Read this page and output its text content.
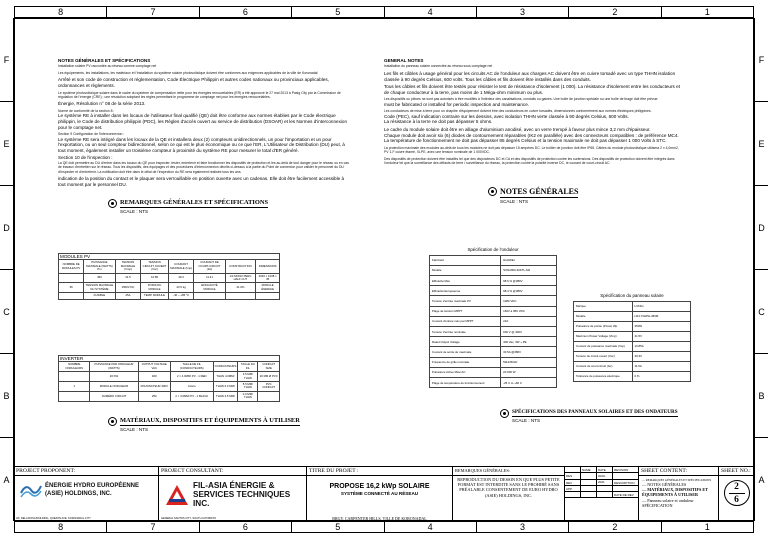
8	7	6	5	4	3	2	1
8	7	6	5	4	3	2	1
F
E
D
C
B
A
F
E
D
C
B
A
NOTES GÉNÉRALES ET SPÉCIFICATIONS
Installation solaire PV raccordée au réseau comme comptage net

Les équipements, les installations, les matériaux et l'installation du système solaire photovoltaïque doivent être conformes aux exigences applicables de la ville de Koronadal.

Arrêté et son code de construction et réglementation, Code Électrique Philippin et autres codes nationaux ou provinciaux applicables, ordonnances et règlements.

Le système photovoltaïque solaire dans le cadre du système de compensation nette pour les énergies renouvelables (ER) a été approuvé le 27 mai 2013 à Pasig City par la Commission de régulation de l'énergie (CRE) ; une résolution adoptant les règles permettant le programme de comptage net pour les énergies renouvelables.

Énergie, Résolution n° 08 de la série 2013.

Norme de conformité de la section 8 :

Le système RE à installer dans les locaux de l'utilisateur final qualifié (QE) doit être conforme aux normes établies par le Code électrique philippin, le Code de distribution philippin (PDC), les Règles d'accès ouvert au service de distribution (DSOAR) et les Normes d'interconnexion pour le comptage net.

Section 9 Configuration de l'interconnexion :

Le système RE sera intégré dans les locaux de la QE et installera deux (2) compteurs unidirectionnels, un pour l'importation et un pour l'exportation, ou un seul compteur bidirectionnel, selon ce qui est le plus économique ou ce que l'ER, L'Utilisateur de Distribution (DU) peut, à tout moment, également installer un troisième compteur à proximité du système RE pour mesurer le total d'ER généré.

Section 10 de l'inspection :

La QE doit permettre au DU d'entrer dans les locaux du QE pour inspecter, tester, entretenir et faire fonctionner les dispositifs de protection et les au-delà de tout danger pour le réseau ou en cas de travaux d'entretien sur le réseau. Tous les dispositifs, des équipages et des procédures d'interconnexion décrits ci-dessus à la partie du Point de connexion pour valider le personnel du DU d'inspecter et d'entretenir. La notification doit être dans le délai de l'inspection du RE sera également réalisée tous les ans.

indication de la position du contact et le plaquer sera verrouillable en position ouverte avec un cadenas. Elle doit être facilement accessible à tout moment par le personnel DU.

GENERAL NOTES
Installation du panneau solaire connectée au réseau sous comptage net

Les fils et câbles à usage général pour les circuits AC de l'onduleur aux charges AC doivent être en cuivre torsadé avec un type THHN isolation classée à 90 degrés Celsius, 600 volts. Tous les câbles et fils doivent être installés dans des conduits.

Tous les câbles et fils doivent être testés pour résister le test de résistance d'isolement (1 000). La résistance d'isolement entre les conducteurs et de chaque conducteur à la terre, pas moins de 1 Méga-ohm minimum ou plus.

Les dispositifs ou pièces ne sont pas autorisés à être modifiés à l'intérieur des canalisations, conduits ou gaines. Une boîte de jonction spéciale ou une boîte de tirage doit être prévue.

must be fabricated or installed for periodic inspection and maintenance.

Les conducteurs de mise à terre pour un chapitre d'équipement doivent être des conducteurs en cuivre torsadés, dimensionnés conformément aux normes électriques philippines.

Code (PEC), sauf indication contraire sur les dessins, avec isolation THHN verte classée à 90 degrés Celsius, 600 Volts.

La résistance à la terre ne doit pas dépasser 5 ohms.

Le cadre du module solaire doit être en alliage d'aluminium anodisé, avec un verre trempé à faveur plus mince 3,2 mm d'épaisseur.

Chaque module doit avoir six (6) diodes de contournement réparables (IK2 en parallèle) avec des connecteurs compatibles : de préférence MC4.

La température de fonctionnement ne doit pas dépasser 85 degrés Celsius et la tension maximale ne doit pas dépasser 1 000 Volts à STC.

La protection maximale des modules au-delà de tous les modules ne doit pas dépasser 15 ampères DC. Le boîtier de jonction doit être IP65. Câbles du module photovoltaïque utilisera 2 x 4,0mm2, PV 1-F cuivre étamé, XLPE, avec une tension nominale de 1 000VDC.

Des dispositifs de protection doivent être installés tel que des disjoncteurs DC et CA et des dispositifs de protection contre les surtensions. Des dispositifs de protection doivent être intégrés dans l'onduleur tel que la surveillance des défauts de terre / surveillance du réseau, la protection contre la polarité inverse DC, le courant de court-circuit AC.

REMARQUES GÉNÉRALES ET SPÉCIFICATIONS
SCALE : NTS
NOTES GÉNÉRALES
SCALE : NTS
MATÉRIAUX, DISPOSITIFS ET ÉQUIPEMENTS À UTILISER
SCALE : NTS
SPÉCIFICATIONS DES PANNEAUX SOLAIRES ET DES ONDATEURS
SCALE : NTS
MODULES PV							
NOMBRE DE MODULES PV	PUISSANCE MAXIMALE (WATTS) Pm	TENSION MAXIMALE (Vmp)	TENSION CIRCUIT OUVERT (Voc)	COURANT MAXIMALE (Imp)	COURANT DE COURT-CIRCUIT (Isc)	CONSTRUCTION	DIMENSIONS
	450	41.5	10.85	49.3	11.41	1/4 MONO PERC HALF CUT	2094 × 1038 × 35
36	TENSION MAXIMALE DU SYSTÈME	1500V DC	POIDS DU MODULE	23.5 kg	EFFICACITÉ MODULE	21.0%	MODULE ÉNERGIE
	FUSIBLE	25A	TEMP. MODULE	-40 ~ +85 °C			
INVERTER						
NOMBRE ONDULEURS	PUISSANCE PAR ONDULEUR (WATTS)	OUTPUT VOLTAGE VAC	TAILLE DE FIL (CONDUCTEURS)	CONDUCTEURS	TAILLE DU FIL	CONDUIT SIZE
	20 KW	400	2 × 4.0MM² PV - 1 RED	THHN 4.0MM²	3.5 MM² THHN	20 MM Ø PVC
1	MODULE ONDULEUR	DISJONCTEUR 400V	Cuivre	THHN 6.0 MM²	5.5 MM² THHN	PVC CONDUIT
	NUMÉRO CIRCUIT	250	2 × 4.0MM² PV - 1 BLACK	THHN 3.5 MM²	2.0 MM² THHN	
Spécification de l'onduleur	
Fabricant	HUAWEI
Modèle	SUN2000-20KTL-M2
Efficacité Max	98.6 % @380V
Efficacité Européenne	98.4 % @380V
Tension d'entrée maximale PV	1080 VDC
Plage de tension MPPT	160V à 950 VDC
Courant d'entrée max par MPPT	22A
Tension d'entrée nominale	600 V @ 400V
Rated Output Voltage	400 Vac, 3W + PE
Courant de sortie de maximale	33.5A @380V
Fréquence de grille nominale	50Hz/60Hz
Puissance Active Maxi AC	20 000 W
Plage de température de fonctionnement	-25 C to +60 C
Spécification du panneau solaire	
Marque	LONGi
Modèle	LR4-72HPH-450M
Puissance de pointe (Pmax) Wp	450W
Maximum Power Voltage (Vmp)	41.5V
Courant de puissance maximale (Imp)	10.85A
Tension de circuit ouvert (Voc)	49.3V
Courant de court-circuit (Isc)	11.6A
Tolérance de puissance électrique	0 %
PROJECT PROPONENT:
ÉNERGIE HYDRO EUROPÉENNE (ASIE) HOLDINGS, INC.
3/F, DELA ROSA BUILDING, QUEZON AVE. KORONADAL CITY
PROJECT CONSULTANT:
FIL-ASIA ÉNERGIE & SERVICES TECHNIQUES INC.
GENERAL SANTOS CITY, SOUTH COTABATO
TITRE DU PROJET :
PROPOSE 16,2 kWp SOLAIRE
SYSTÈME CONNECTÉ AU RÉSEAU
BRGY. CARPENTER HILLS, VILLE DE KORONADAL
REMARQUES GÉNÉRALES:
REPRODUCTION DU DESSIN EN QUE PLUS PETITE FORMAT EST INTERDITE SANS LE PROHIBÉ SANS PRÉALABLE CONSENTEMENT DE EURO HYDRO (ASIE) HOLDINGS, INC.
NAME	DATE	REVISION
DES	2020-2021
REV	DESCRIPTION
APP
DATE DE REV
SHEET CONTENT:
— REMARQUES GÉNÉRALES ET SPÉCIFICATIONS
— NOTES GÉNÉRALES
— MATÉRIAUX, DISPOSITIFS ET ÉQUIPEMENTS À UTILISER
— Panneau solaire et onduleur SPÉCIFICATION
SHEET NO.:
2
6
